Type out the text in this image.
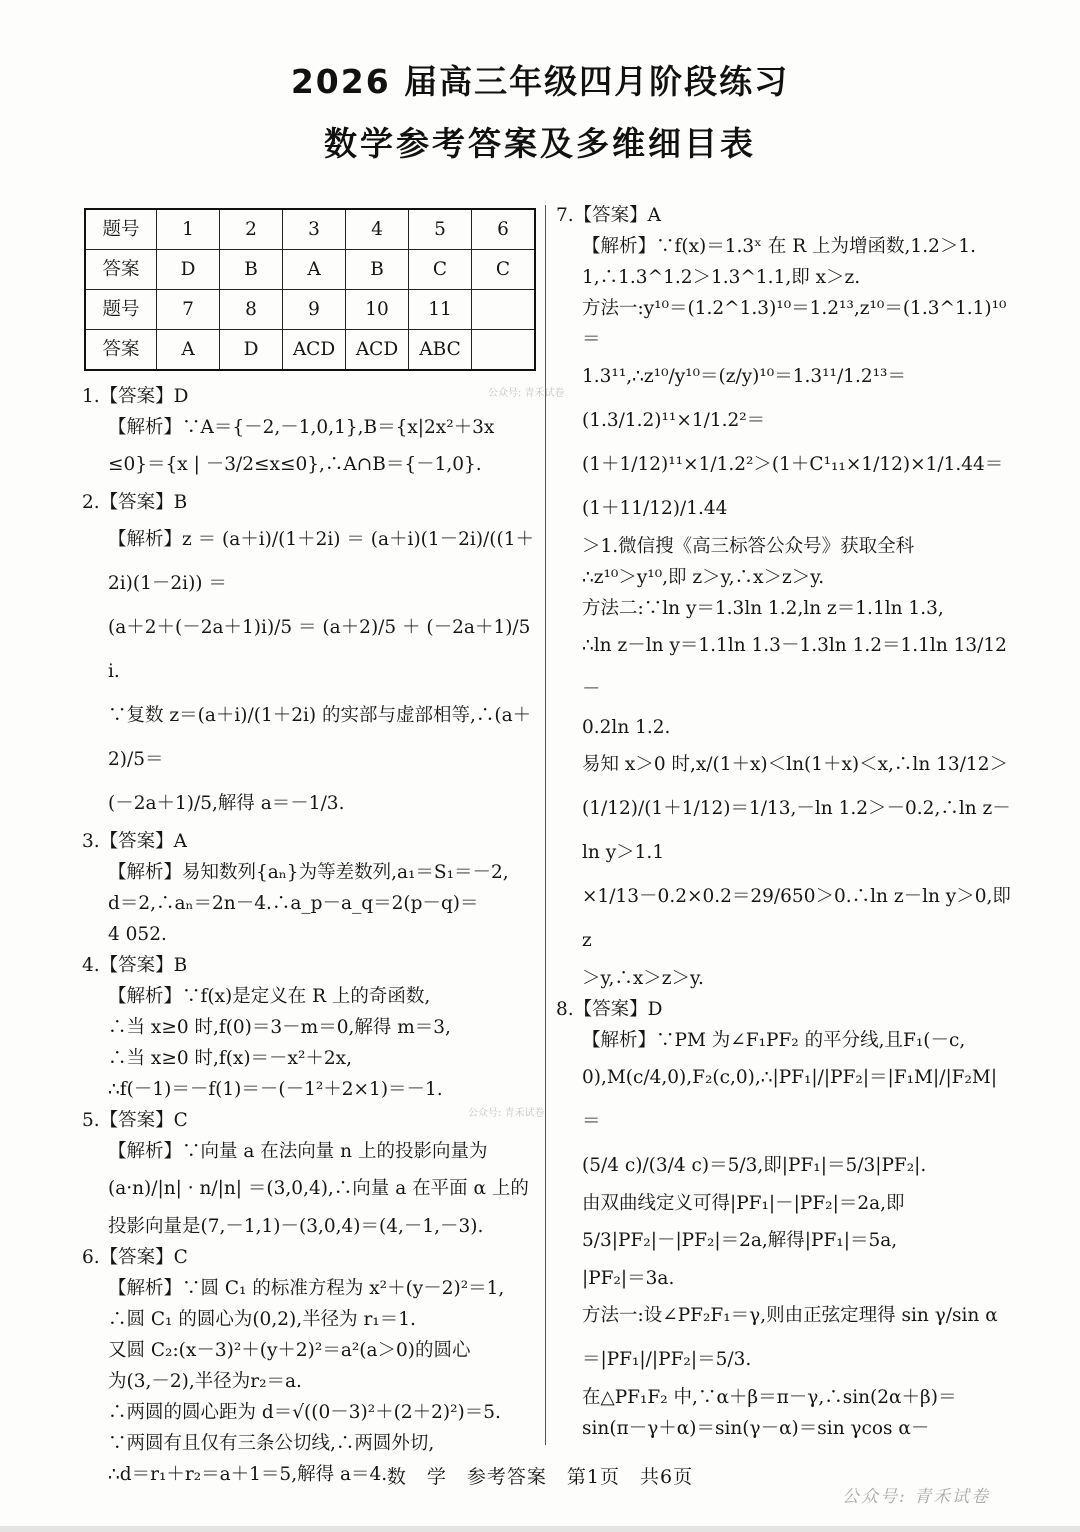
2026 届高三年级四月阶段练习
数学参考答案及多维细目表
题号	1	2	3	4	5	6
答案	D	B	A	B	C	C
题号	7	8	9	10	11	
答案	A	D	ACD	ACD	ABC	
1.【答案】D
【解析】∵A＝{－2,－1,0,1},B＝{x|2x²＋3x
≤0}＝{x | －3/2≤x≤0},∴A∩B＝{－1,0}.
2.【答案】B
【解析】z ＝ (a＋i)/(1＋2i) ＝ (a＋i)(1－2i)/((1＋2i)(1－2i)) ＝
(a＋2＋(－2a＋1)i)/5 ＝ (a＋2)/5 ＋ (－2a＋1)/5 i.
∵复数 z＝(a＋i)/(1＋2i) 的实部与虚部相等,∴(a＋2)/5＝
(－2a＋1)/5,解得 a＝－1/3.
3.【答案】A
【解析】易知数列{aₙ}为等差数列,a₁＝S₁＝－2,
d＝2,∴aₙ＝2n－4.∴a_p－a_q＝2(p－q)＝
4 052.
4.【答案】B
【解析】∵f(x)是定义在 R 上的奇函数,
∴当 x≥0 时,f(0)＝3－m＝0,解得 m＝3,
∴当 x≥0 时,f(x)＝－x²＋2x,
∴f(－1)＝－f(1)＝－(－1²＋2×1)＝－1.
5.【答案】C
【解析】∵向量 a 在法向量 n 上的投影向量为
(a·n)/|n| · n/|n| ＝(3,0,4),∴向量 a 在平面 α 上的
投影向量是(7,－1,1)－(3,0,4)＝(4,－1,－3).
6.【答案】C
【解析】∵圆 C₁ 的标准方程为 x²＋(y－2)²＝1,
∴圆 C₁ 的圆心为(0,2),半径为 r₁＝1.
又圆 C₂:(x－3)²＋(y＋2)²＝a²(a＞0)的圆心
为(3,－2),半径为r₂＝a.
∴两圆的圆心距为 d＝√((0－3)²＋(2＋2)²)＝5.
∵两圆有且仅有三条公切线,∴两圆外切,
∴d＝r₁＋r₂＝a＋1＝5,解得 a＝4.
7.【答案】A
【解析】∵f(x)＝1.3ˣ 在 R 上为增函数,1.2＞1.
1,∴1.3^1.2＞1.3^1.1,即 x＞z.
方法一:y¹⁰＝(1.2^1.3)¹⁰＝1.2¹³,z¹⁰＝(1.3^1.1)¹⁰＝
1.3¹¹,∴z¹⁰/y¹⁰＝(z/y)¹⁰＝1.3¹¹/1.2¹³＝(1.3/1.2)¹¹×1/1.2²＝
(1＋1/12)¹¹×1/1.2²＞(1＋C¹₁₁×1/12)×1/1.44＝(1＋11/12)/1.44
＞1.微信搜《高三标答公众号》获取全科
∴z¹⁰＞y¹⁰,即 z＞y,∴x＞z＞y.
方法二:∵ln y＝1.3ln 1.2,ln z＝1.1ln 1.3,
∴ln z－ln y＝1.1ln 1.3－1.3ln 1.2＝1.1ln 13/12－
0.2ln 1.2.
易知 x＞0 时,x/(1＋x)＜ln(1＋x)＜x,∴ln 13/12＞
(1/12)/(1＋1/12)＝1/13,－ln 1.2＞－0.2,∴ln z－ln y＞1.1
×1/13－0.2×0.2＝29/650＞0.∴ln z－ln y＞0,即 z
＞y,∴x＞z＞y.
8.【答案】D
【解析】∵PM 为∠F₁PF₂ 的平分线,且F₁(－c,
0),M(c/4,0),F₂(c,0),∴|PF₁|/|PF₂|＝|F₁M|/|F₂M|＝
(5/4 c)/(3/4 c)＝5/3,即|PF₁|＝5/3|PF₂|.
由双曲线定义可得|PF₁|－|PF₂|＝2a,即
5/3|PF₂|－|PF₂|＝2a,解得|PF₁|＝5a,
|PF₂|＝3a.
方法一:设∠PF₂F₁＝γ,则由正弦定理得 sin γ/sin α
＝|PF₁|/|PF₂|＝5/3.
在△PF₁F₂ 中,∵α＋β＝π－γ,∴sin(2α＋β)＝
sin(π－γ＋α)＝sin(γ－α)＝sin γcos α－
公众号: 青禾试卷
公众号: 青禾试卷
数　学　参考答案　第1页　共6页
公众号: 青禾试卷
